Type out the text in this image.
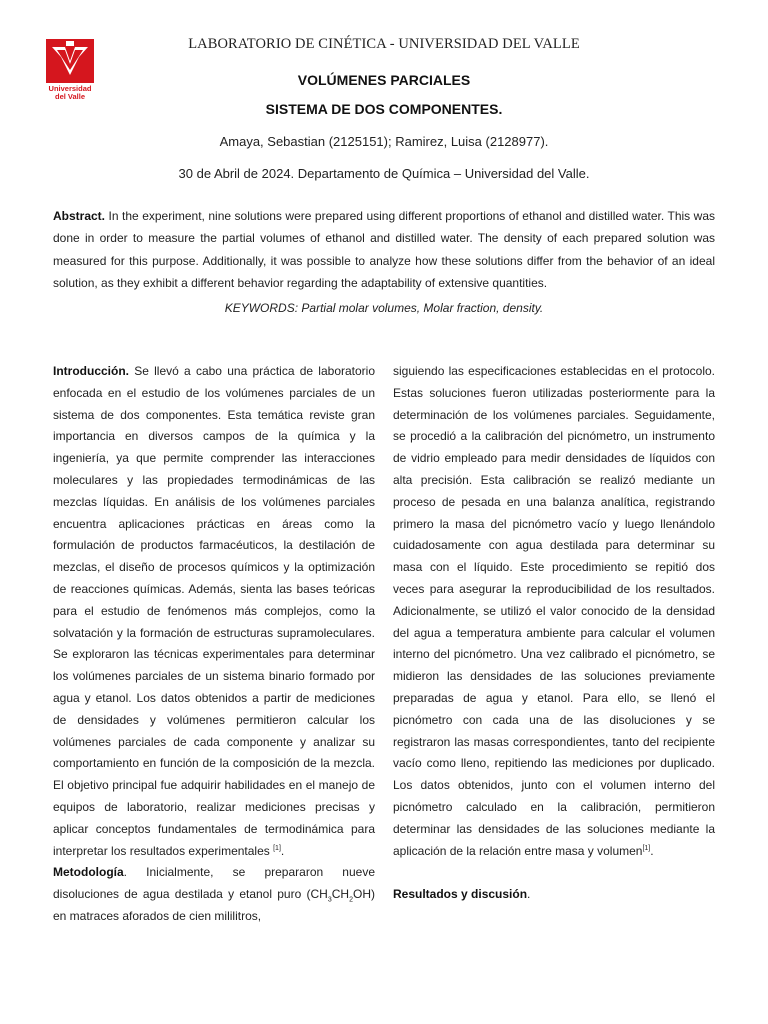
Universidad
del Valle
LABORATORIO DE CINÉTICA - UNIVERSIDAD DEL VALLE
VOLÚMENES PARCIALES
SISTEMA DE DOS COMPONENTES.
Amaya, Sebastian (2125151); Ramirez, Luisa (2128977).
30 de Abril de 2024. Departamento de Química – Universidad del Valle.
Abstract. In the experiment, nine solutions were prepared using different proportions of ethanol and distilled water. This was done in order to measure the partial volumes of ethanol and distilled water. The density of each prepared solution was measured for this purpose. Additionally, it was possible to analyze how these solutions differ from the behavior of an ideal solution, as they exhibit a different behavior regarding the adaptability of extensive quantities.
KEYWORDS: Partial molar volumes, Molar fraction, density.

Introducción. Se llevó a cabo una práctica de laboratorio enfocada en el estudio de los volúmenes parciales de un sistema de dos componentes. Esta temática reviste gran importancia en diversos campos de la química y la ingeniería, ya que permite comprender las interacciones moleculares y las propiedades termodinámicas de las mezclas líquidas. En análisis de los volúmenes parciales encuentra aplicaciones prácticas en áreas como la formulación de productos farmacéuticos, la destilación de mezclas, el diseño de procesos químicos y la optimización de reacciones químicas. Además, sienta las bases teóricas para el estudio de fenómenos más complejos, como la solvatación y la formación de estructuras supramoleculares. Se exploraron las técnicas experimentales para determinar los volúmenes parciales de un sistema binario formado por agua y etanol. Los datos obtenidos a partir de mediciones de densidades y volúmenes permitieron calcular los volúmenes parciales de cada componente y analizar su comportamiento en función de la composición de la mezcla. El objetivo principal fue adquirir habilidades en el manejo de equipos de laboratorio, realizar mediciones precisas y aplicar conceptos fundamentales de termodinámica para interpretar los resultados experimentales [1].

Metodología. Inicialmente, se prepararon nueve disoluciones de agua destilada y etanol puro $(CH_3CH_2OH)$ en matraces aforados de cien mililitros,

siguiendo las especificaciones establecidas en el protocolo. Estas soluciones fueron utilizadas posteriormente para la determinación de los volúmenes parciales. Seguidamente, se procedió a la calibración del picnómetro, un instrumento de vidrio empleado para medir densidades de líquidos con alta precisión. Esta calibración se realizó mediante un proceso de pesada en una balanza analítica, registrando primero la masa del picnómetro vacío y luego llenándolo cuidadosamente con agua destilada para determinar su masa con el líquido. Este procedimiento se repitió dos veces para asegurar la reproducibilidad de los resultados. Adicionalmente, se utilizó el valor conocido de la densidad del agua a temperatura ambiente para calcular el volumen interno del picnómetro. Una vez calibrado el picnómetro, se midieron las densidades de las soluciones previamente preparadas de agua y etanol. Para ello, se llenó el picnómetro con cada una de las disoluciones y se registraron las masas correspondientes, tanto del recipiente vacío como lleno, repitiendo las mediciones por duplicado. Los datos obtenidos, junto con el volumen interno del picnómetro calculado en la calibración, permitieron determinar las densidades de las soluciones mediante la aplicación de la relación entre masa y volumen[1].

Resultados y discusión.
